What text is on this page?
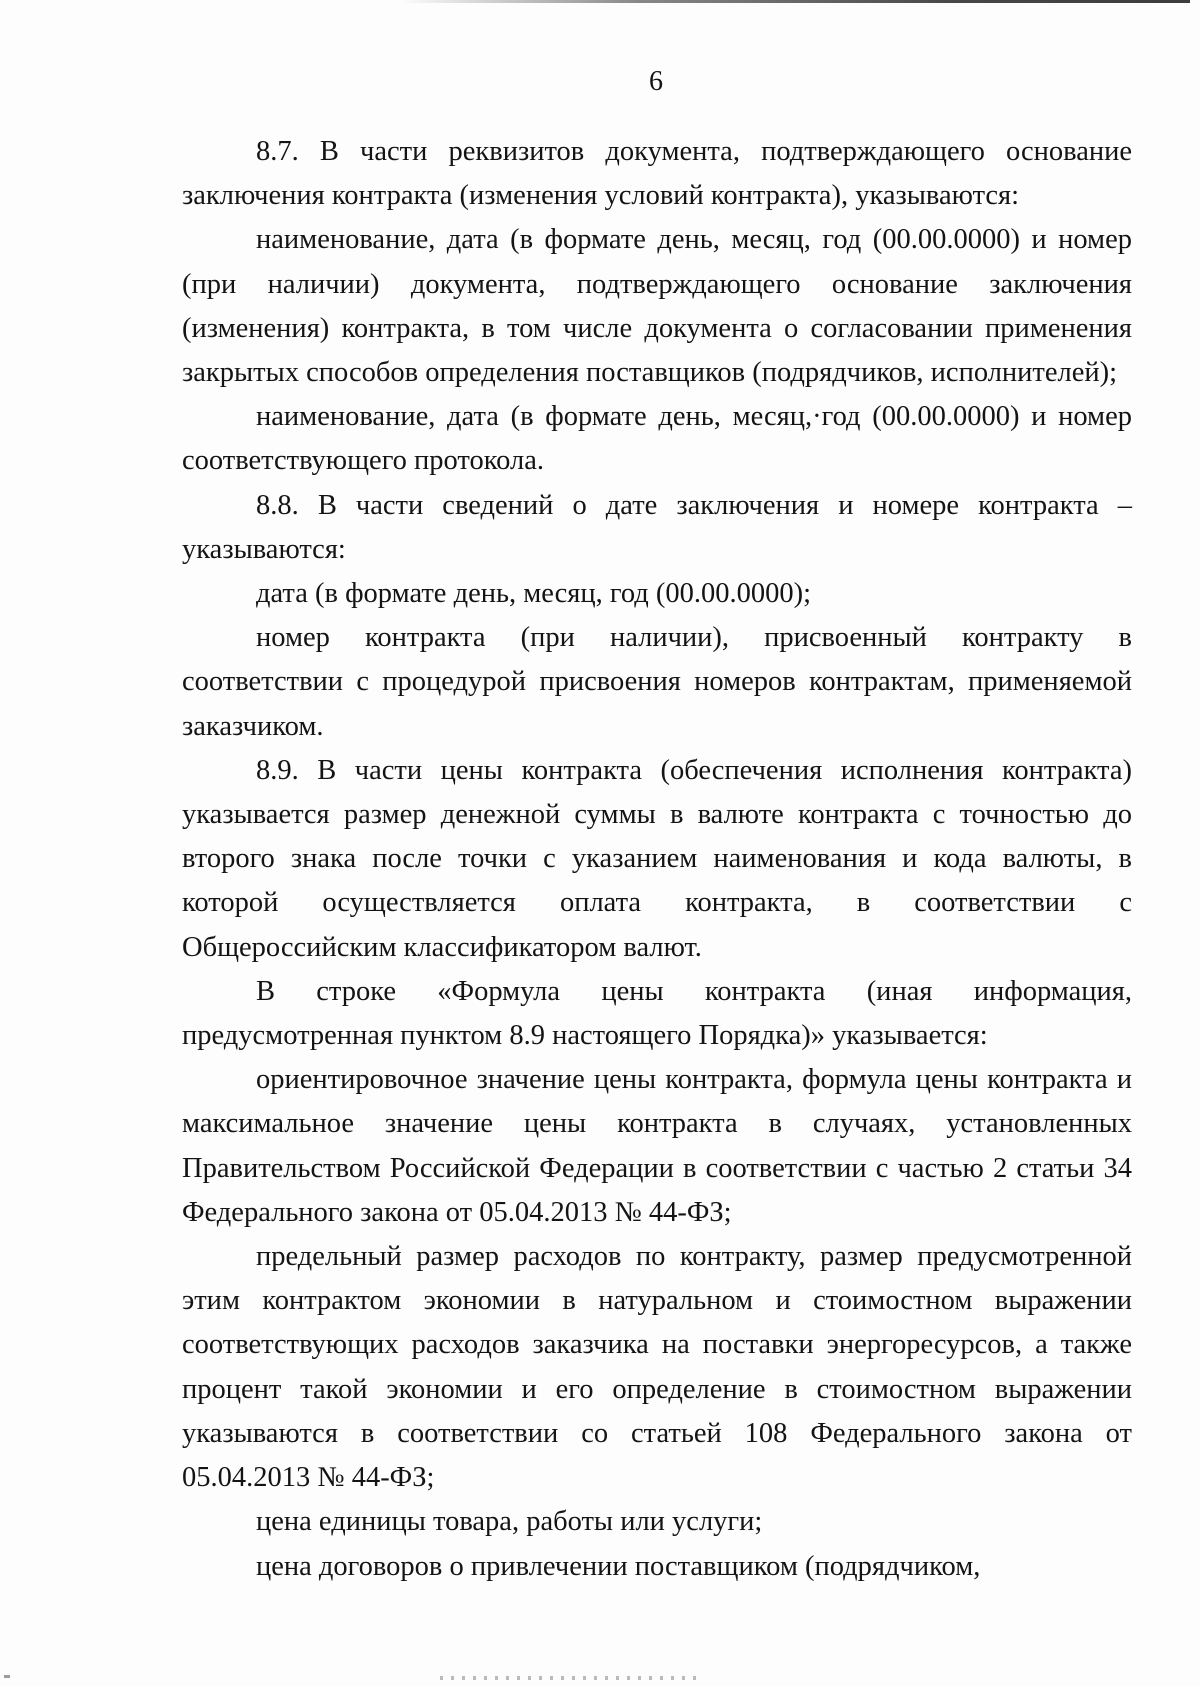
6

8.7. В части реквизитов документа, подтверждающего основание заключения контракта (изменения условий контракта), указываются:

наименование, дата (в формате день, месяц, год (00.00.0000) и номер (при наличии) документа, подтверждающего основание заключения (изменения) контракта, в том числе документа о согласовании применения закрытых способов определения поставщиков (подрядчиков, исполнителей);

наименование, дата (в формате день, месяц,·год (00.00.0000) и номер соответствующего протокола.

8.8. В части сведений о дате заключения и номере контракта – указываются:

дата (в формате день, месяц, год (00.00.0000);

номер контракта (при наличии), присвоенный контракту в соответствии с процедурой присвоения номеров контрактам, применяемой заказчиком.

8.9. В части цены контракта (обеспечения исполнения контракта) указывается размер денежной суммы в валюте контракта с точностью до второго знака после точки с указанием наименования и кода валюты, в которой осуществляется оплата контракта, в соответствии с Общероссийским классификатором валют.

В строке «Формула цены контракта (иная информация, предусмотренная пунктом 8.9 настоящего Порядка)» указывается:

ориентировочное значение цены контракта, формула цены контракта и максимальное значение цены контракта в случаях, установленных Правительством Российской Федерации в соответствии с частью 2 статьи 34 Федерального закона от 05.04.2013 № 44-ФЗ;

предельный размер расходов по контракту, размер предусмотренной этим контрактом экономии в натуральном и стоимостном выражении соответствующих расходов заказчика на поставки энергоресурсов, а также процент такой экономии и его определение в стоимостном выражении указываются в соответствии со статьей 108 Федерального закона от 05.04.2013 № 44-ФЗ;

цена единицы товара, работы или услуги;

цена договоров о привлечении поставщиком (подрядчиком,
